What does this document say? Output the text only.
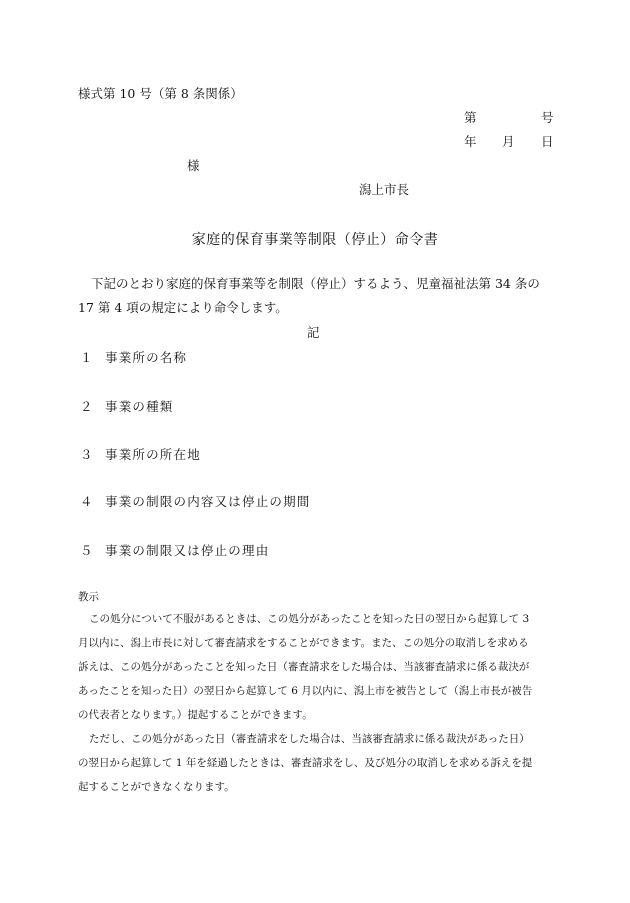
様式第 10 号（第 8 条関係）
第	号
年 月 日
様
潟上市長
家庭的保育事業等制限（停止）命令書
下記のとおり家庭的保育事業等を制限（停止）するよう、児童福祉法第 34 条の
17 第 4 項の規定により命令します。
記
１ 事業所の名称
２ 事業の種類
３ 事業所の所在地
４ 事業の制限の内容又は停止の期間
５ 事業の制限又は停止の理由
教示
この処分について不服があるときは、この処分があったことを知った日の翌日から起算して 3
月以内に、潟上市長に対して審査請求をすることができます。また、この処分の取消しを求める
訴えは、この処分があったことを知った日（審査請求をした場合は、当該審査請求に係る裁決が
あったことを知った日）の翌日から起算して 6 月以内に、潟上市を被告として（潟上市長が被告
の代表者となります。）提起することができます。
ただし、この処分があった日（審査請求をした場合は、当該審査請求に係る裁決があった日）
の翌日から起算して 1 年を経過したときは、審査請求をし、及び処分の取消しを求める訴えを提
起することができなくなります。
